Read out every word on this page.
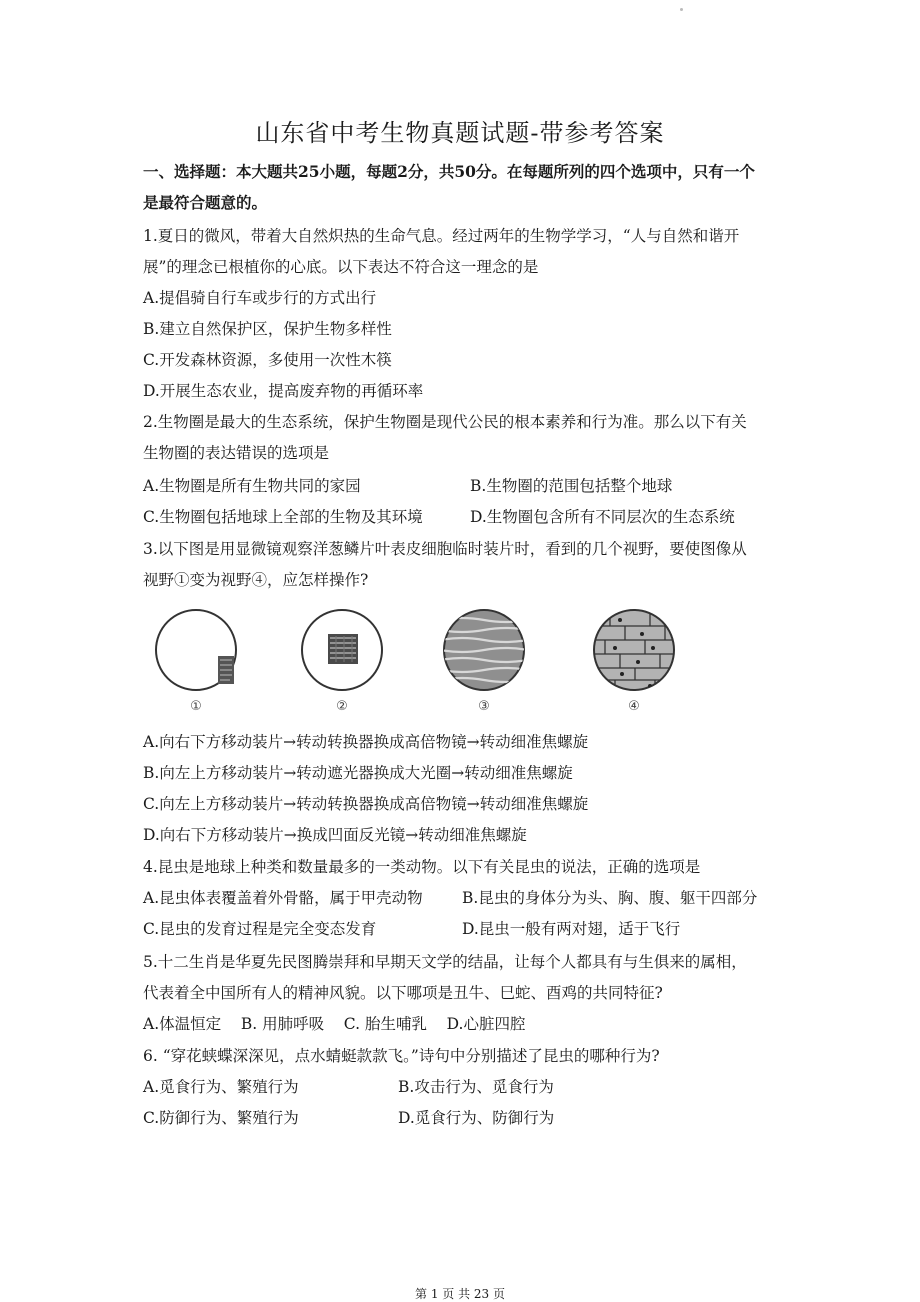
山东省中考生物真题试题-带参考答案
一、选择题：本大题共25小题，每题2分，共50分。在每题所列的四个选项中，只有一个
是最符合题意的。
1.夏日的微风，带着大自然炽热的生命气息。经过两年的生物学学习，“人与自然和谐开
展”的理念已根植你的心底。以下表达不符合这一理念的是
A.提倡骑自行车或步行的方式出行
B.建立自然保护区，保护生物多样性
C.开发森林资源，多使用一次性木筷
D.开展生态农业，提高废弃物的再循环率
2.生物圈是最大的生态系统，保护生物圈是现代公民的根本素养和行为准。那么以下有关
生物圈的表达错误的选项是
A.生物圈是所有生物共同的家园	B.生物圈的范围包括整个地球
C.生物圈包括地球上全部的生物及其环境	D.生物圈包含所有不同层次的生态系统
3.以下图是用显微镜观察洋葱鳞片叶表皮细胞临时装片时，看到的几个视野，要使图像从
视野①变为视野④，应怎样操作?
①	②	③	④
A.向右下方移动装片→转动转换器换成高倍物镜→转动细准焦螺旋
B.向左上方移动装片→转动遮光器换成大光圈→转动细准焦螺旋
C.向左上方移动装片→转动转换器换成高倍物镜→转动细准焦螺旋
D.向右下方移动装片→换成凹面反光镜→转动细准焦螺旋
4.昆虫是地球上种类和数量最多的一类动物。以下有关昆虫的说法，正确的选项是
A.昆虫体表覆盖着外骨骼，属于甲壳动物	B.昆虫的身体分为头、胸、腹、躯干四部分
C.昆虫的发育过程是完全变态发育	D.昆虫一般有两对翅，适于飞行
5.十二生肖是华夏先民图腾崇拜和早期天文学的结晶，让每个人都具有与生俱来的属相，
代表着全中国所有人的精神风貌。以下哪项是丑牛、巳蛇、酉鸡的共同特征?
A.体温恒定    B. 用肺呼吸    C. 胎生哺乳    D.心脏四腔
6. “穿花蛱蝶深深见，点水蜻蜓款款飞。”诗句中分别描述了昆虫的哪种行为?
A.觅食行为、繁殖行为	B.攻击行为、觅食行为
C.防御行为、繁殖行为	D.觅食行为、防御行为
第 1 页 共 23 页
